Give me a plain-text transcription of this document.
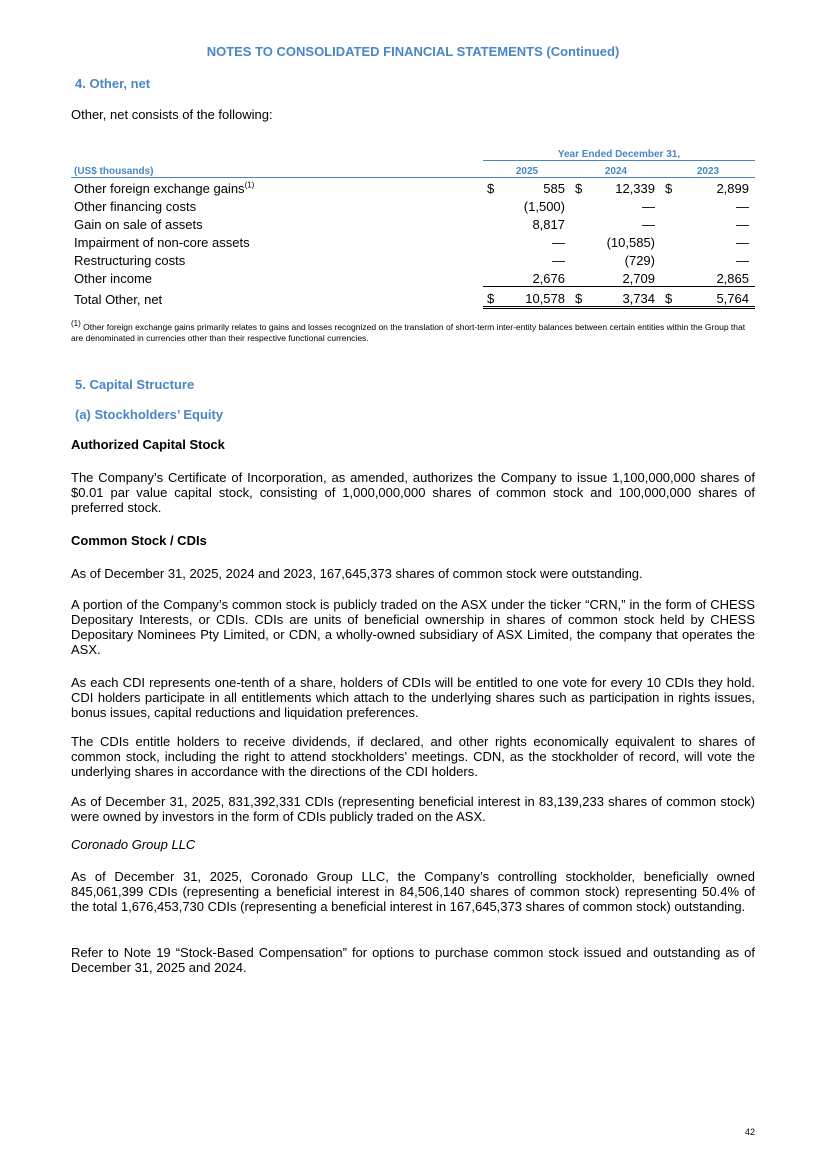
NOTES TO CONSOLIDATED FINANCIAL STATEMENTS (Continued)
4. Other, net
Other, net consists of the following:
	Year Ended December 31,					
(US$ thousands)	2025		2024		2023	
Other foreign exchange gains$^{(1)}$	$	585	$	12,339	$	2,899
Other financing costs		(1,500)		—		—
Gain on sale of assets		8,817		—		—
Impairment of non-core assets		—		(10,585)		—
Restructuring costs		—		(729)		—
Other income		2,676		2,709		2,865
Total Other, net	$	10,578	$	3,734	$	5,764
$^{(1)}$ Other foreign exchange gains primarily relates to gains and losses recognized on the translation of short-term inter-entity balances between certain entities within the Group that are denominated in currencies other than their respective functional currencies.
5. Capital Structure
(a) Stockholders’ Equity
Authorized Capital Stock
The Company’s Certificate of Incorporation, as amended, authorizes the Company to issue 1,100,000,000 shares of $0.01 par value capital stock, consisting of 1,000,000,000 shares of common stock and 100,000,000 shares of preferred stock.
Common Stock / CDIs
As of December 31, 2025, 2024 and 2023, 167,645,373 shares of common stock were outstanding.
A portion of the Company’s common stock is publicly traded on the ASX under the ticker “CRN,” in the form of CHESS Depositary Interests, or CDIs. CDIs are units of beneficial ownership in shares of common stock held by CHESS Depositary Nominees Pty Limited, or CDN, a wholly-owned subsidiary of ASX Limited, the company that operates the ASX.
As each CDI represents one-tenth of a share, holders of CDIs will be entitled to one vote for every 10 CDIs they hold. CDI holders participate in all entitlements which attach to the underlying shares such as participation in rights issues, bonus issues, capital reductions and liquidation preferences.
The CDIs entitle holders to receive dividends, if declared, and other rights economically equivalent to shares of common stock, including the right to attend stockholders’ meetings. CDN, as the stockholder of record, will vote the underlying shares in accordance with the directions of the CDI holders.
As of December 31, 2025, 831,392,331 CDIs (representing beneficial interest in 83,139,233 shares of common stock) were owned by investors in the form of CDIs publicly traded on the ASX.
Coronado Group LLC
As of December 31, 2025, Coronado Group LLC, the Company’s controlling stockholder, beneficially owned 845,061,399 CDIs (representing a beneficial interest in 84,506,140 shares of common stock) representing 50.4% of the total 1,676,453,730 CDIs (representing a beneficial interest in 167,645,373 shares of common stock) outstanding.
Refer to Note 19 “Stock-Based Compensation” for options to purchase common stock issued and outstanding as of December 31, 2025 and 2024.
42
